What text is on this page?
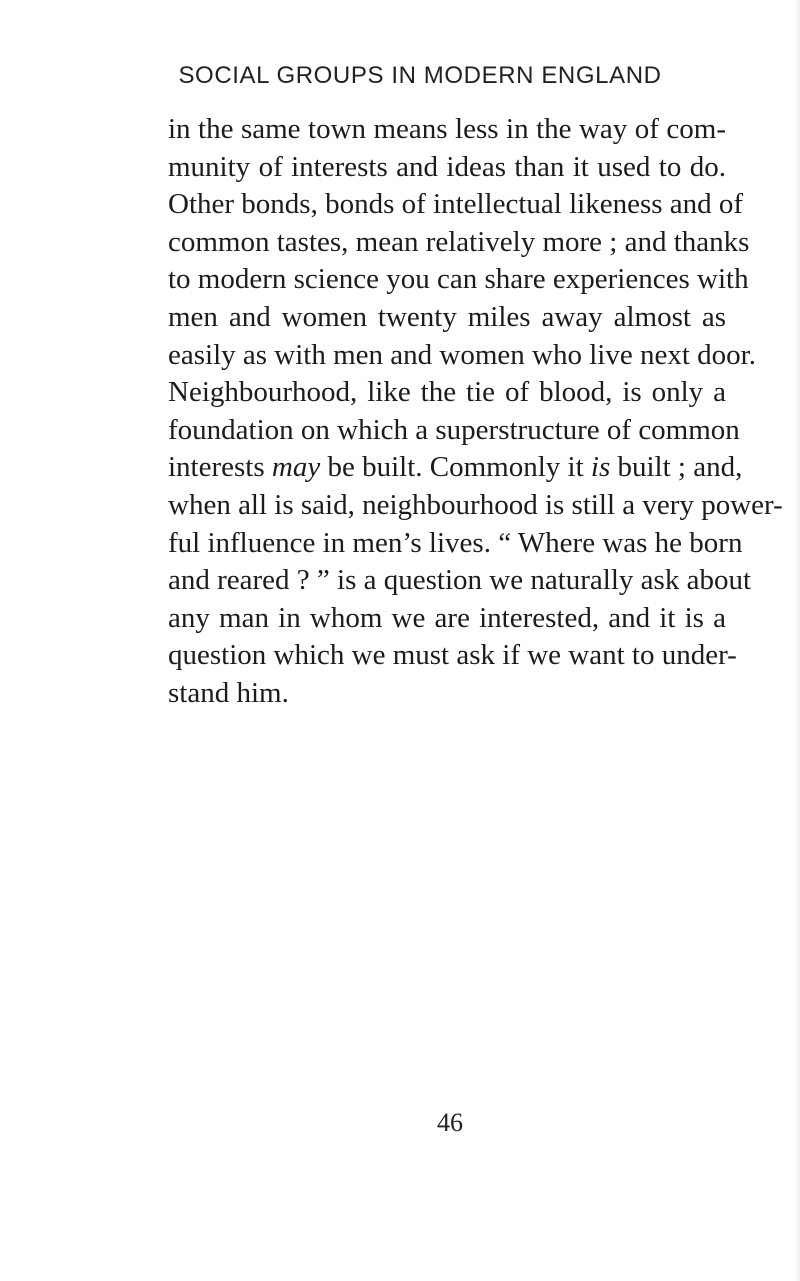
SOCIAL GROUPS IN MODERN ENGLAND
in the same town means less in the way of com-
munity of interests and ideas than it used to do.
Other bonds, bonds of intellectual likeness and of
common tastes, mean relatively more ; and thanks
to modern science you can share experiences with
men and women twenty miles away almost as
easily as with men and women who live next door.
Neighbourhood, like the tie of blood, is only a
foundation on which a superstructure of common
interests may be built. Commonly it is built ; and,
when all is said, neighbourhood is still a very power-
ful influence in men’s lives. “ Where was he born
and reared ? ” is a question we naturally ask about
any man in whom we are interested, and it is a
question which we must ask if we want to under-
stand him.
46
